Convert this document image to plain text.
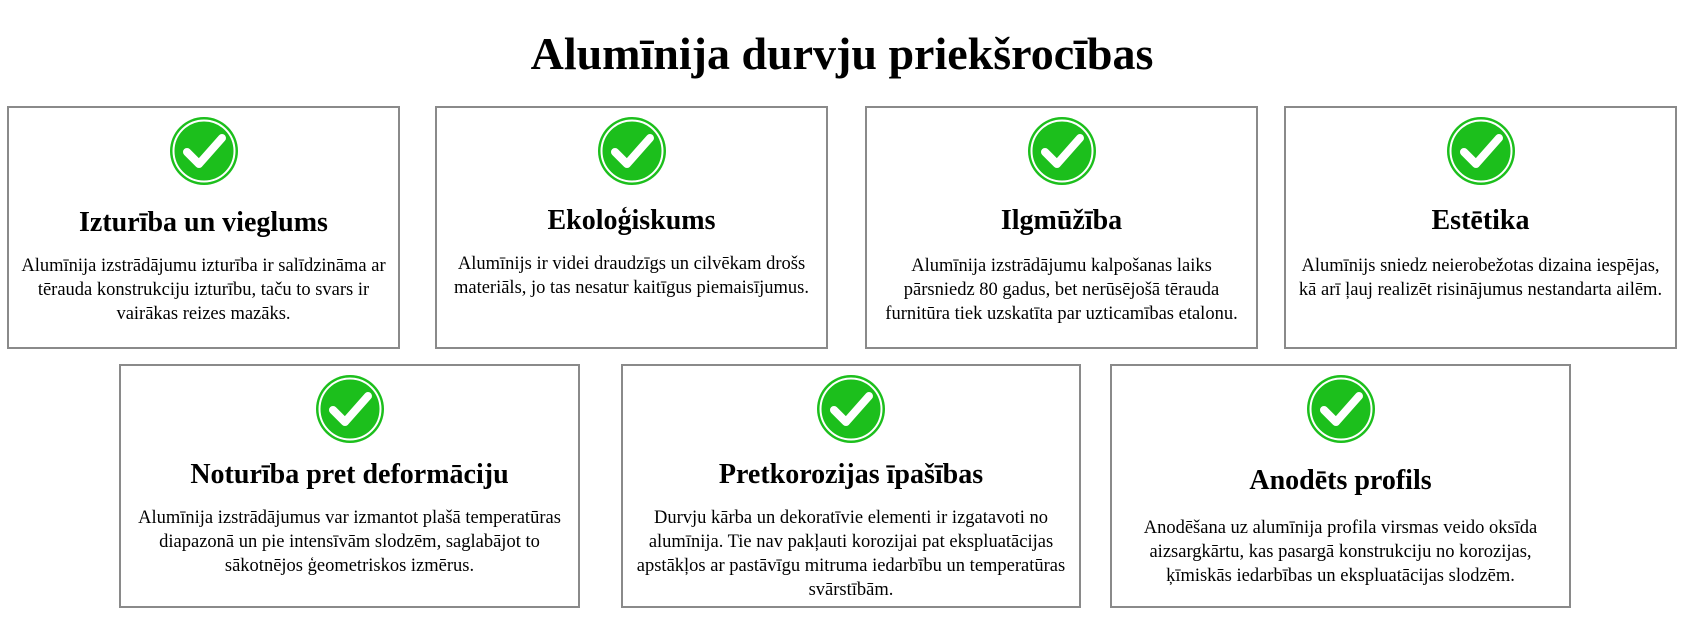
Alumīnija durvju priekšrocības
Izturība un vieglums

Alumīnija izstrādājumu izturība ir salīdzināma ar tērauda konstrukciju izturību, taču to svars ir vairākas reizes mazāks.

Ekoloģiskums

Alumīnijs ir videi draudzīgs un cilvēkam drošs materiāls, jo tas nesatur kaitīgus piemaisījumus.

Ilgmūžība

Alumīnija izstrādājumu kalpošanas laiks pārsniedz 80 gadus, bet nerūsējošā tērauda furnitūra tiek uzskatīta par uzticamības etalonu.

Estētika

Alumīnijs sniedz neierobežotas dizaina iespējas, kā arī ļauj realizēt risinājumus nestandarta ailēm.

Noturība pret deformāciju

Alumīnija izstrādājumus var izmantot plašā temperatūras diapazonā un pie intensīvām slodzēm, saglabājot to sākotnējos ģeometriskos izmērus.

Pretkorozijas īpašības

Durvju kārba un dekoratīvie elementi ir izgatavoti no alumīnija. Tie nav pakļauti korozijai pat ekspluatācijas apstākļos ar pastāvīgu mitruma iedarbību un temperatūras svārstībām.

Anodēts profils

Anodēšana uz alumīnija profila virsmas veido oksīda aizsargkārtu, kas pasargā konstrukciju no korozijas, ķīmiskās iedarbības un ekspluatācijas slodzēm.
